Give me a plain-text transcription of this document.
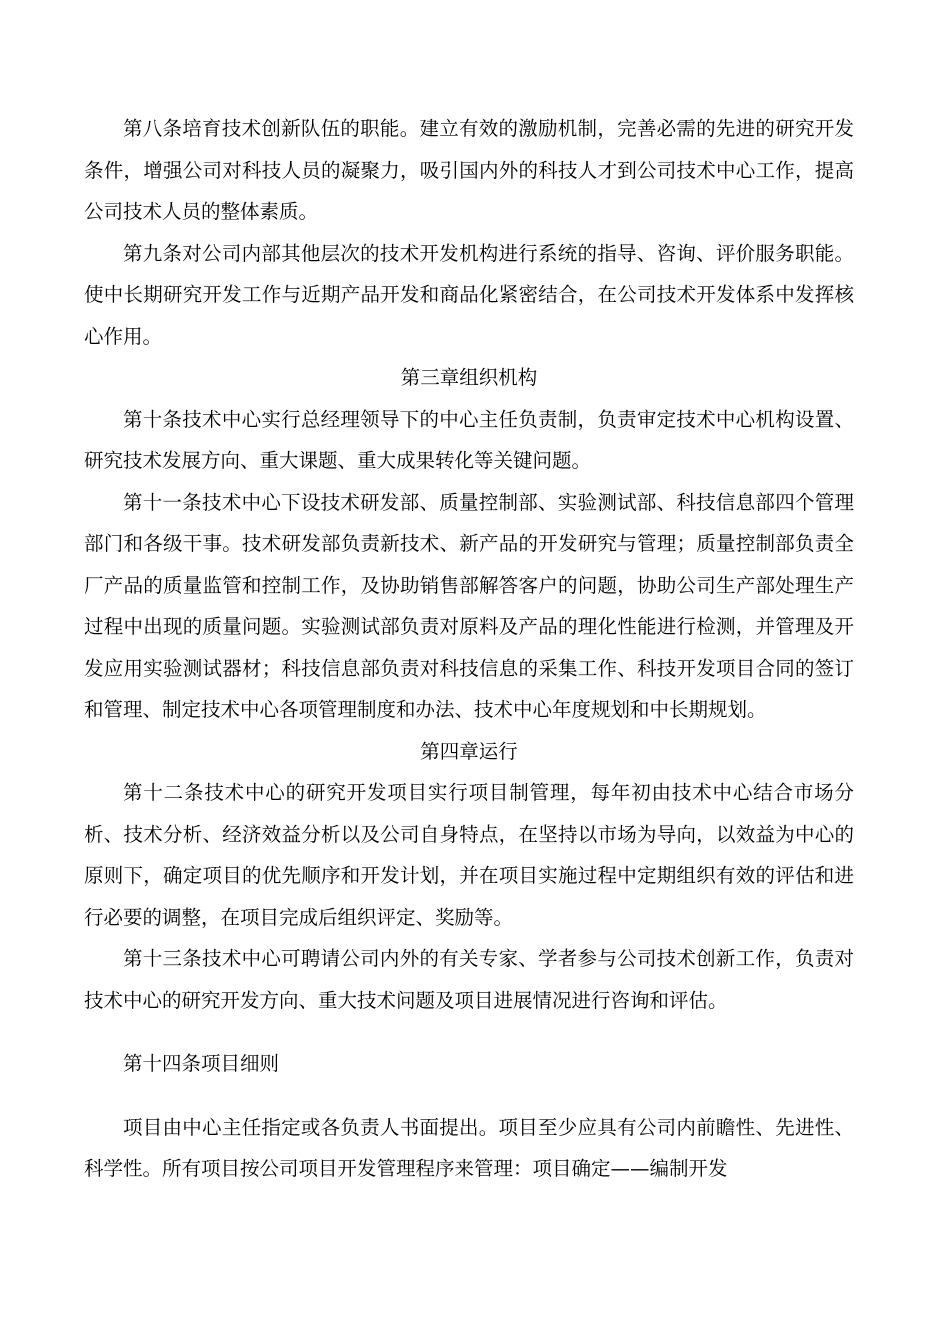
第八条培育技术创新队伍的职能。建立有效的激励机制，完善必需的先进的研究开发条件，增强公司对科技人员的凝聚力，吸引国内外的科技人才到公司技术中心工作，提高公司技术人员的整体素质。

第九条对公司内部其他层次的技术开发机构进行系统的指导、咨询、评价服务职能。使中长期研究开发工作与近期产品开发和商品化紧密结合，在公司技术开发体系中发挥核心作用。

第三章组织机构

第十条技术中心实行总经理领导下的中心主任负责制，负责审定技术中心机构设置、研究技术发展方向、重大课题、重大成果转化等关键问题。

第十一条技术中心下设技术研发部、质量控制部、实验测试部、科技信息部四个管理部门和各级干事。技术研发部负责新技术、新产品的开发研究与管理；质量控制部负责全厂产品的质量监管和控制工作，及协助销售部解答客户的问题，协助公司生产部处理生产过程中出现的质量问题。实验测试部负责对原料及产品的理化性能进行检测，并管理及开发应用实验测试器材；科技信息部负责对科技信息的采集工作、科技开发项目合同的签订和管理、制定技术中心各项管理制度和办法、技术中心年度规划和中长期规划。

第四章运行

第十二条技术中心的研究开发项目实行项目制管理，每年初由技术中心结合市场分析、技术分析、经济效益分析以及公司自身特点，在坚持以市场为导向，以效益为中心的原则下，确定项目的优先顺序和开发计划，并在项目实施过程中定期组织有效的评估和进行必要的调整，在项目完成后组织评定、奖励等。

第十三条技术中心可聘请公司内外的有关专家、学者参与公司技术创新工作，负责对技术中心的研究开发方向、重大技术问题及项目进展情况进行咨询和评估。

第十四条项目细则

项目由中心主任指定或各负责人书面提出。项目至少应具有公司内前瞻性、先进性、科学性。所有项目按公司项目开发管理程序来管理：项目确定——编制开发
